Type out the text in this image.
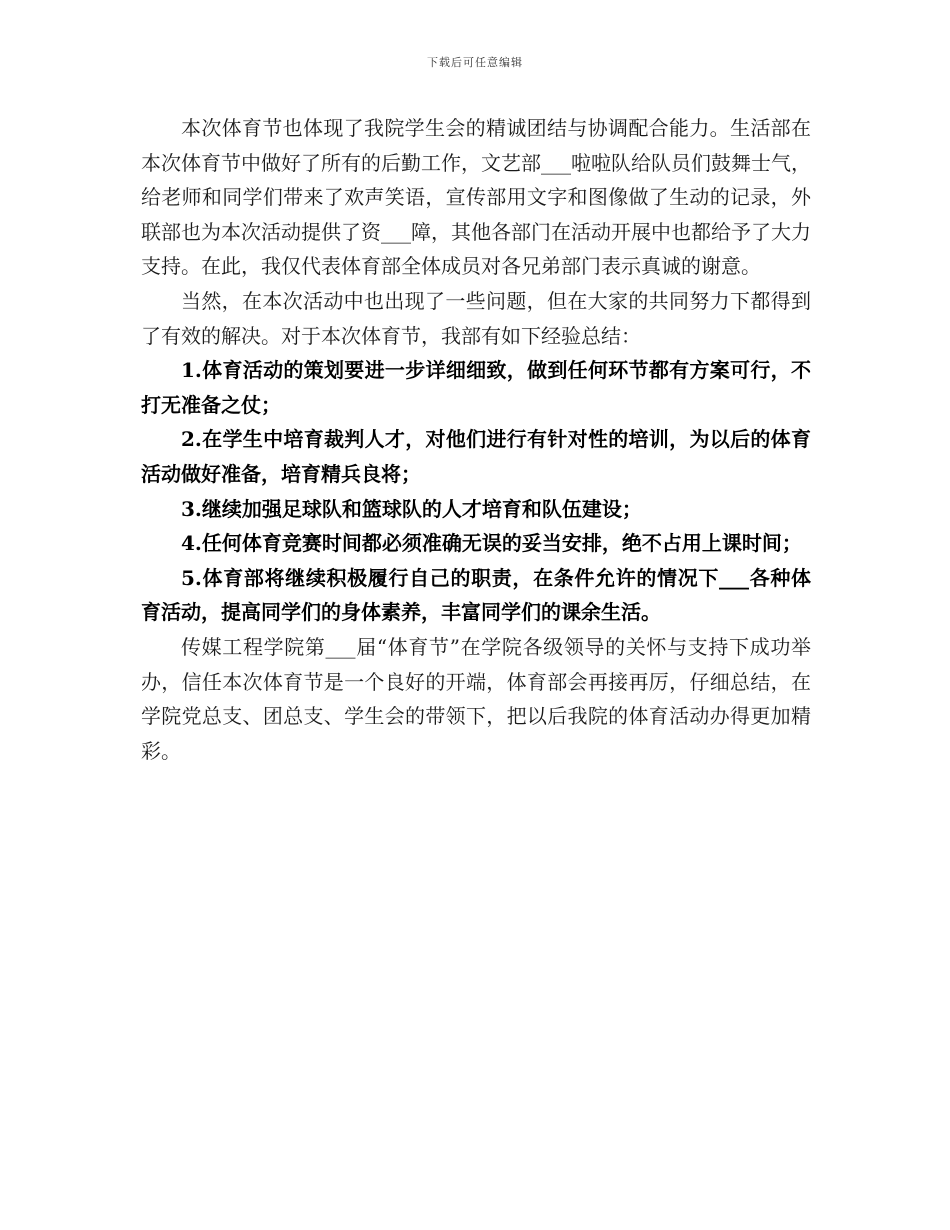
下载后可任意编辑

本次体育节也体现了我院学生会的精诚团结与协调配合能力。生活部在本次体育节中做好了所有的后勤工作，文艺部___啦啦队给队员们鼓舞士气，给老师和同学们带来了欢声笑语，宣传部用文字和图像做了生动的记录，外联部也为本次活动提供了资___障，其他各部门在活动开展中也都给予了大力支持。在此，我仅代表体育部全体成员对各兄弟部门表示真诚的谢意。

当然，在本次活动中也出现了一些问题，但在大家的共同努力下都得到了有效的解决。对于本次体育节，我部有如下经验总结：

1.体育活动的策划要进一步详细细致，做到任何环节都有方案可行，不打无准备之仗；

2.在学生中培育裁判人才，对他们进行有针对性的培训，为以后的体育活动做好准备，培育精兵良将；

3.继续加强足球队和篮球队的人才培育和队伍建设；

4.任何体育竞赛时间都必须准确无误的妥当安排，绝不占用上课时间；

5.体育部将继续积极履行自己的职责，在条件允许的情况下___各种体育活动，提高同学们的身体素养，丰富同学们的课余生活。

传媒工程学院第___届“体育节”在学院各级领导的关怀与支持下成功举办，信任本次体育节是一个良好的开端，体育部会再接再厉，仔细总结，在学院党总支、团总支、学生会的带领下，把以后我院的体育活动办得更加精彩。
